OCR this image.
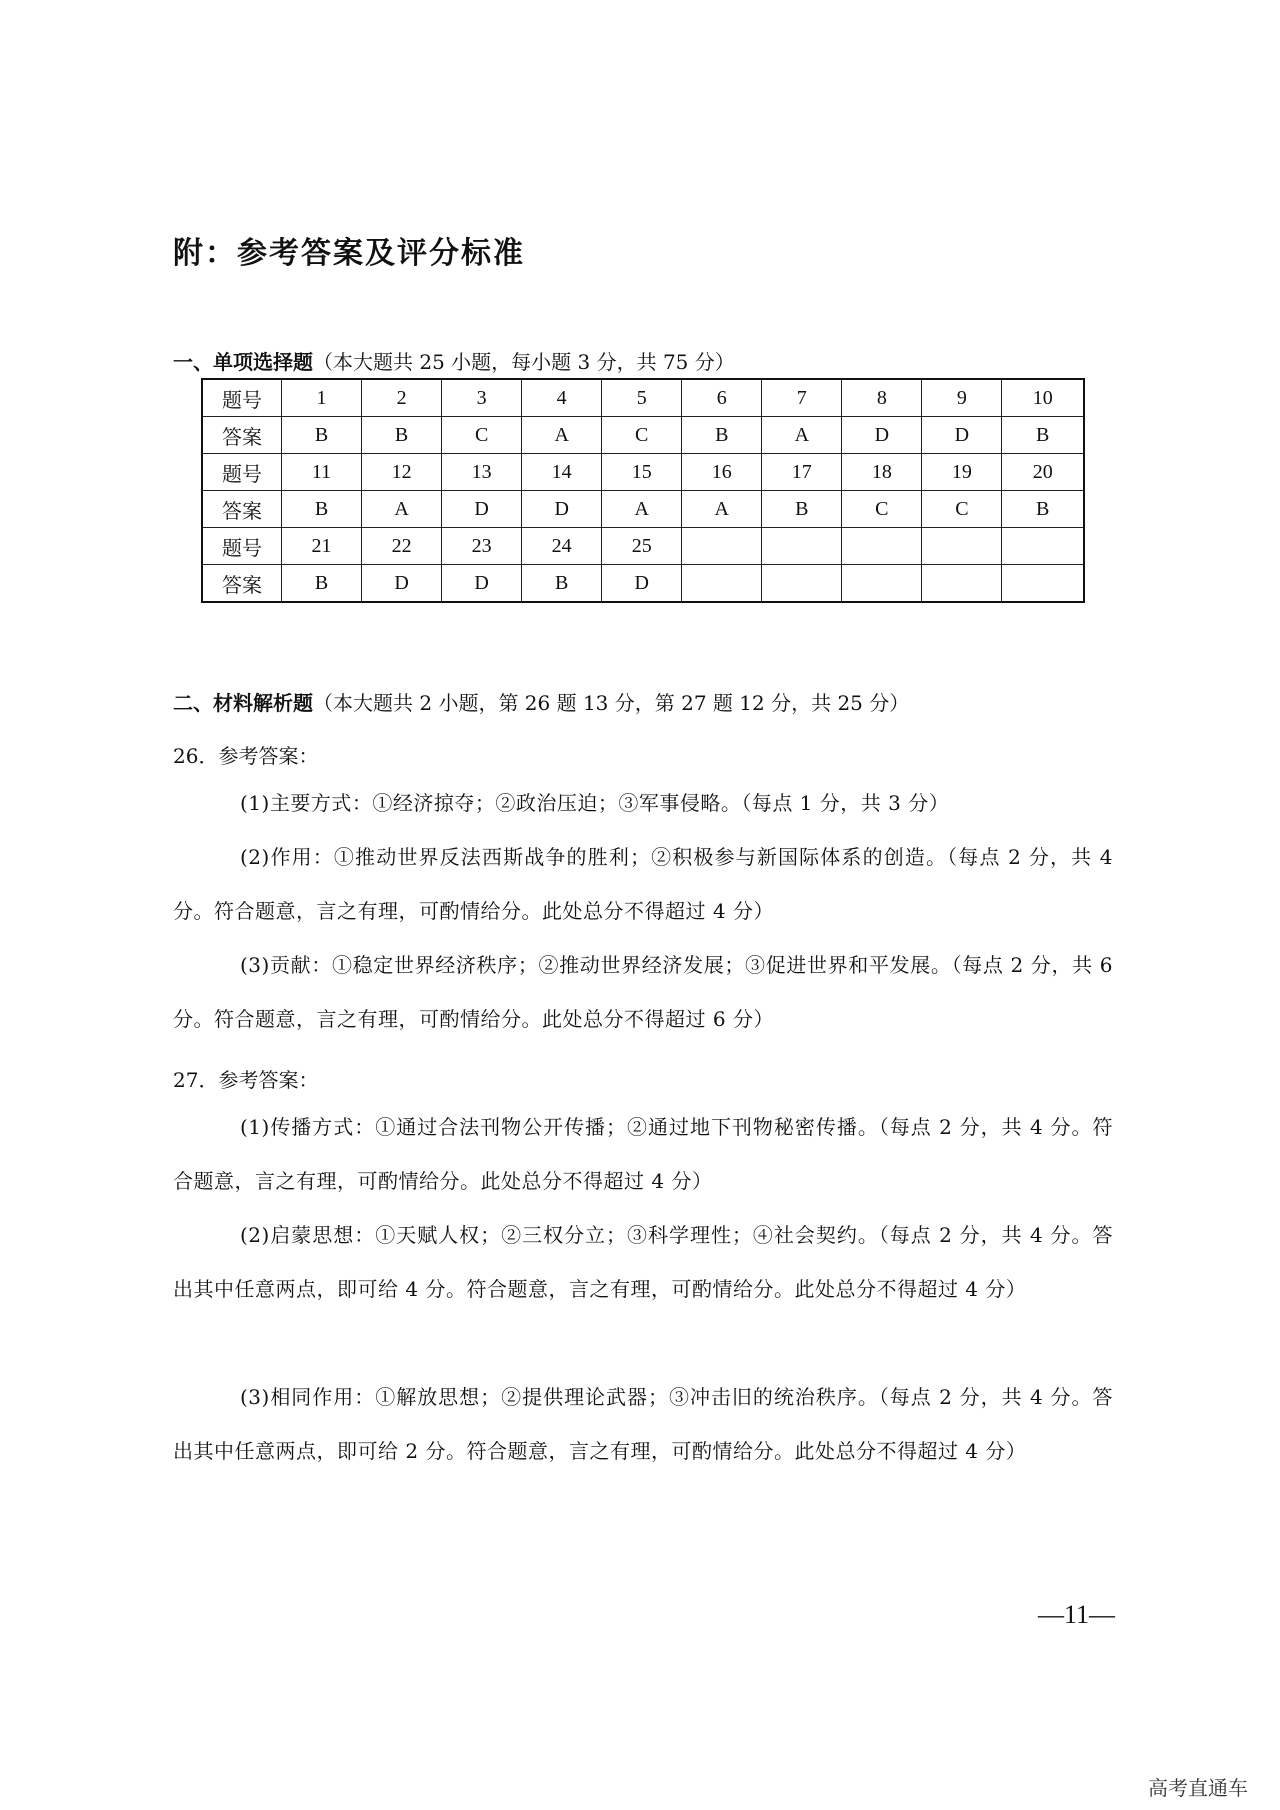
附：参考答案及评分标准
一、单项选择题（本大题共 25 小题，每小题 3 分，共 75 分）
题号	1	2	3	4	5	6	7	8	9	10
答案	B	B	C	A	C	B	A	D	D	B
题号	11	12	13	14	15	16	17	18	19	20
答案	B	A	D	D	A	A	B	C	C	B
题号	21	22	23	24	25					
答案	B	D	D	B	D					
二、材料解析题（本大题共 2 小题，第 26 题 13 分，第 27 题 12 分，共 25 分）
26．参考答案：
(1)主要方式：①经济掠夺；②政治压迫；③军事侵略。（每点 1 分，共 3 分）
(2)作用：①推动世界反法西斯战争的胜利；②积极参与新国际体系的创造。（每点 2 分，共 4 分。符合题意，言之有理，可酌情给分。此处总分不得超过 4 分）
(3)贡献：①稳定世界经济秩序；②推动世界经济发展；③促进世界和平发展。（每点 2 分，共 6 分。符合题意，言之有理，可酌情给分。此处总分不得超过 6 分）
27．参考答案：
(1)传播方式：①通过合法刊物公开传播；②通过地下刊物秘密传播。（每点 2 分，共 4 分。符合题意，言之有理，可酌情给分。此处总分不得超过 4 分）
(2)启蒙思想：①天赋人权；②三权分立；③科学理性；④社会契约。（每点 2 分，共 4 分。答出其中任意两点，即可给 4 分。符合题意，言之有理，可酌情给分。此处总分不得超过 4 分）
(3)相同作用：①解放思想；②提供理论武器；③冲击旧的统治秩序。（每点 2 分，共 4 分。答出其中任意两点，即可给 2 分。符合题意，言之有理，可酌情给分。此处总分不得超过 4 分）
—11—
高考直通车
